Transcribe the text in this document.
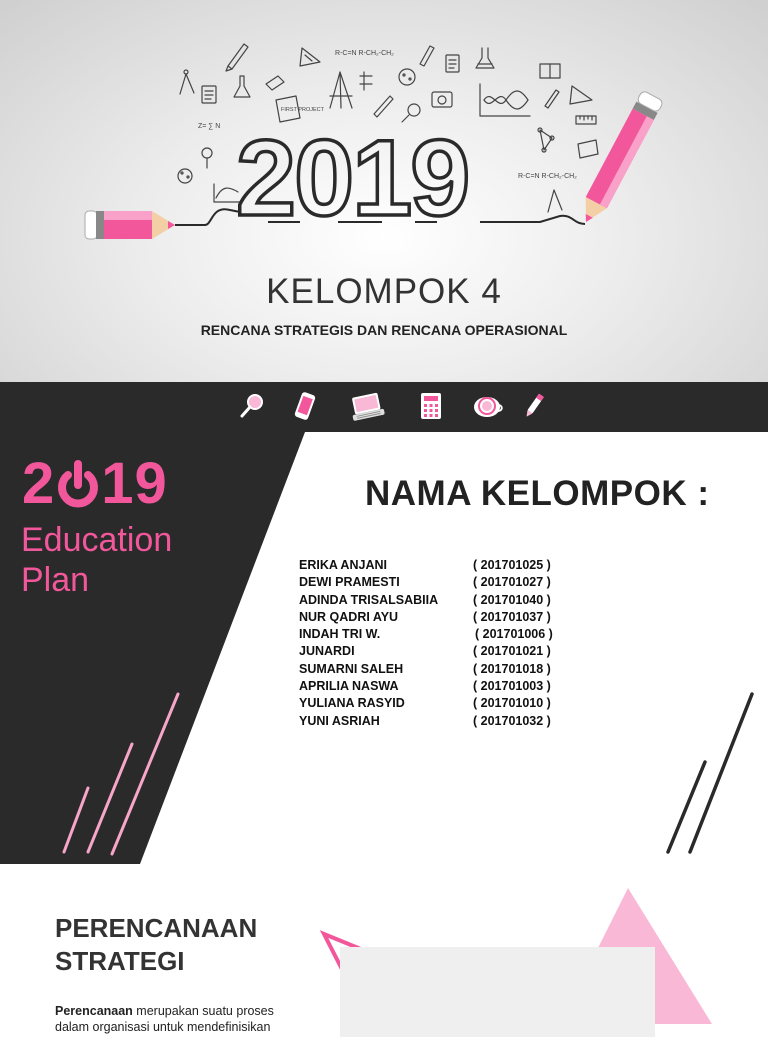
FIRST PROJECT
R-C=N R-CH₂-CH₂
Z= ∑ N
R-C=N R-CH₂-CH₂
2019
KELOMPOK 4
RENCANA STRATEGIS DAN RENCANA OPERASIONAL
2 19
Education Plan
NAMA KELOMPOK :
ERIKA ANJANI	( 201701025 )
DEWI PRAMESTI	( 201701027 )
ADINDA TRISALSABIIA	( 201701040 )
NUR QADRI AYU	( 201701037 )
INDAH TRI W.	( 201701006 )
JUNARDI	( 201701021 )
SUMARNI SALEH	( 201701018 )
APRILIA NASWA	( 201701003 )
YULIANA RASYID	( 201701010 )
YUNI ASRIAH	( 201701032 )
PERENCANAAN STRATEGI
Perencanaan merupakan suatu proses dalam organisasi untuk mendefinisikan
